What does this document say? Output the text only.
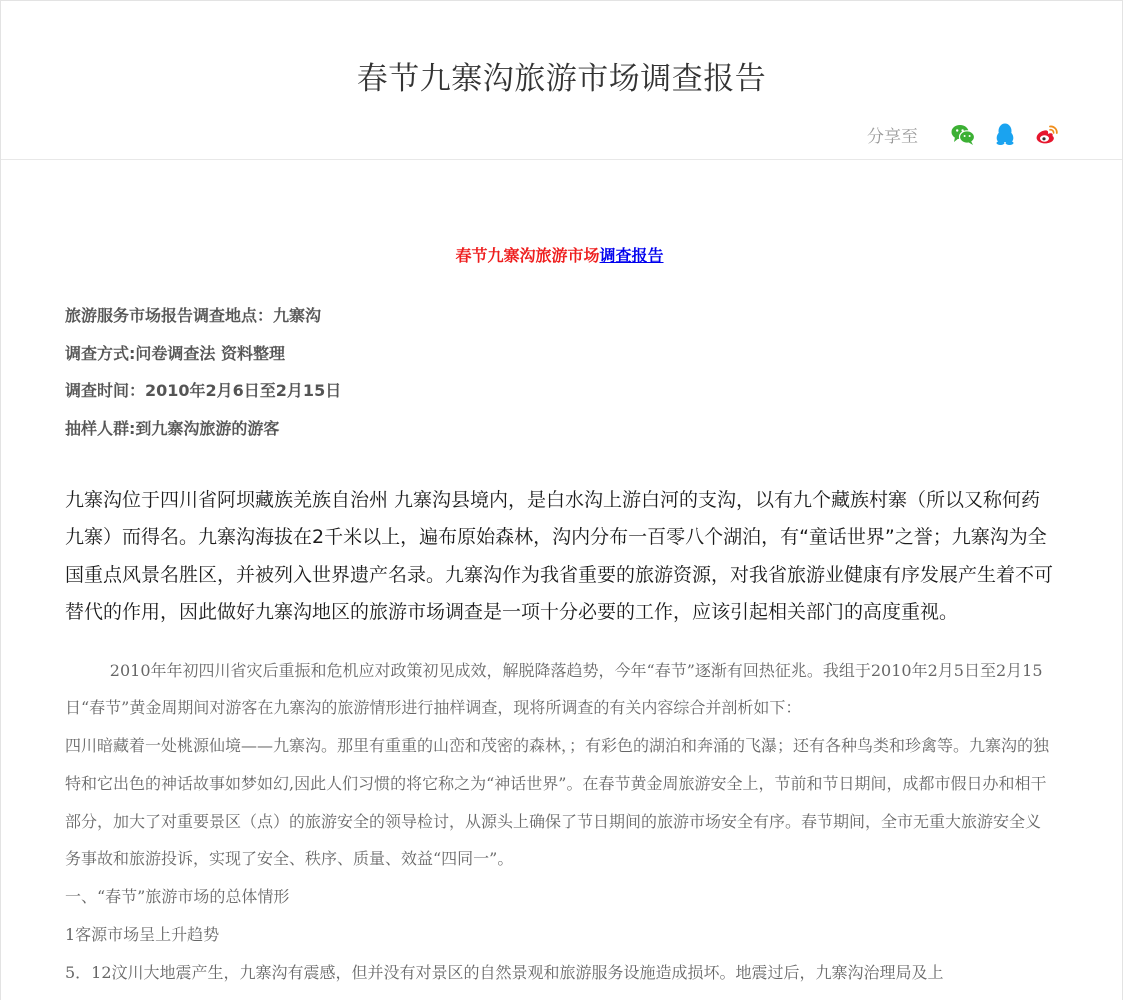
春节九寨沟旅游市场调查报告
分享至
春节九寨沟旅游市场调查报告
旅游服务市场报告调查地点：九寨沟
调查方式:问卷调查法 资料整理
调查时间：2010年2月6日至2月15日
抽样人群:到九寨沟旅游的游客
九寨沟位于四川省阿坝藏族羌族自治州 九寨沟县境内，是白水沟上游白河的支沟，以有九个藏族村寨（所以又称何药九寨）而得名。九寨沟海拔在2千米以上，遍布原始森林，沟内分布一百零八个湖泊，有“童话世界”之誉；九寨沟为全国重点风景名胜区，并被列入世界遗产名录。九寨沟作为我省重要的旅游资源，对我省旅游业健康有序发展产生着不可替代的作用，因此做好九寨沟地区的旅游市场调查是一项十分必要的工作，应该引起相关部门的高度重视。

2010年年初四川省灾后重振和危机应对政策初见成效，解脱降落趋势，今年“春节”逐渐有回热征兆。我组于2010年2月5日至2月15日“春节”黄金周期间对游客在九寨沟的旅游情形进行抽样调查，现将所调查的有关内容综合并剖析如下：

四川暗藏着一处桃源仙境——九寨沟。那里有重重的山峦和茂密的森林，；有彩色的湖泊和奔涌的飞瀑；还有各种鸟类和珍禽等。九寨沟的独特和它出色的神话故事如梦如幻,因此人们习惯的将它称之为“神话世界”。在春节黄金周旅游安全上，节前和节日期间，成都市假日办和相干部分，加大了对重要景区（点）的旅游安全的领导检讨，从源头上确保了节日期间的旅游市场安全有序。春节期间，全市无重大旅游安全义务事故和旅游投诉，实现了安全、秩序、质量、效益“四同一”。

一、“春节”旅游市场的总体情形

1客源市场呈上升趋势

5．12汶川大地震产生，九寨沟有震感，但并没有对景区的自然景观和旅游服务设施造成损坏。地震过后，九寨沟治理局及上
